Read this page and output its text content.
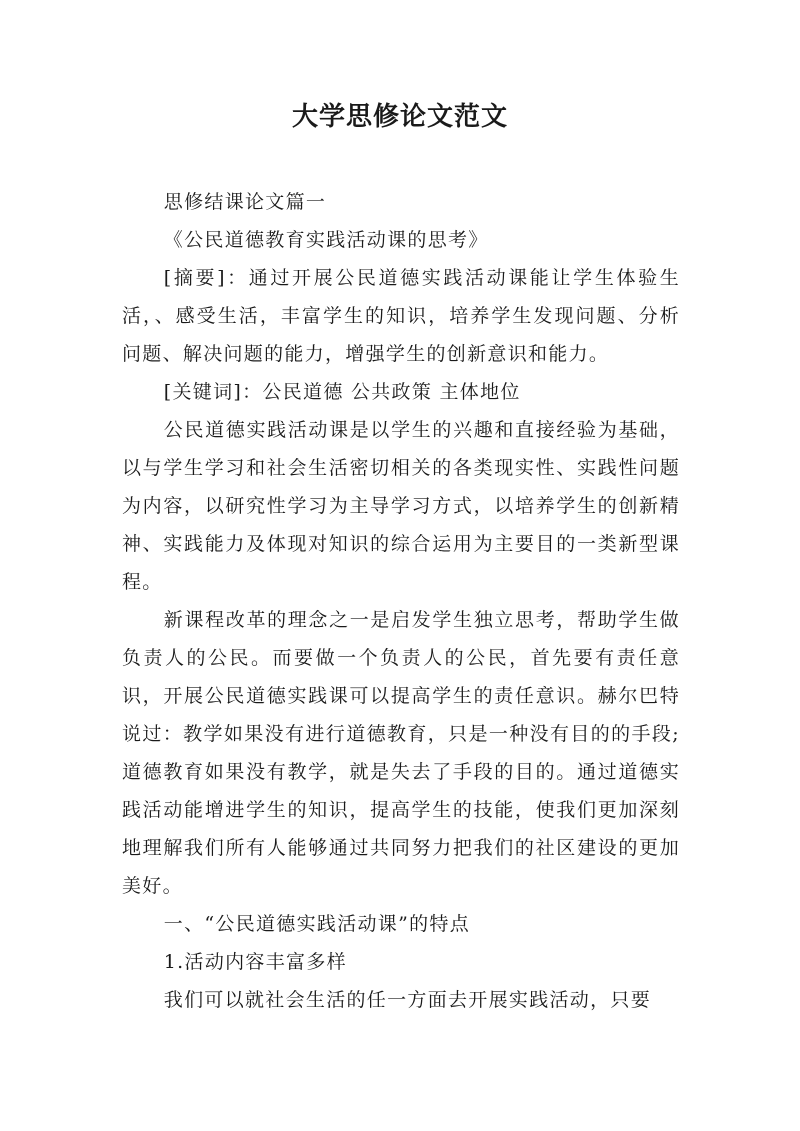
大学思修论文范文

思修结课论文篇一

《公民道德教育实践活动课的思考》

[摘要]：通过开展公民道德实践活动课能让学生体验生活，、感受生活，丰富学生的知识，培养学生发现问题、分析问题、解决问题的能力，增强学生的创新意识和能力。

[关键词]：公民道德 公共政策 主体地位

公民道德实践活动课是以学生的兴趣和直接经验为基础，以与学生学习和社会生活密切相关的各类现实性、实践性问题为内容，以研究性学习为主导学习方式，以培养学生的创新精神、实践能力及体现对知识的综合运用为主要目的一类新型课程。

新课程改革的理念之一是启发学生独立思考，帮助学生做负责人的公民。而要做一个负责人的公民，首先要有责任意识，开展公民道德实践课可以提高学生的责任意识。赫尔巴特说过：教学如果没有进行道德教育，只是一种没有目的的手段;道德教育如果没有教学，就是失去了手段的目的。通过道德实践活动能增进学生的知识，提高学生的技能，使我们更加深刻地理解我们所有人能够通过共同努力把我们的社区建设的更加美好。

一、“公民道德实践活动课”的特点

1.活动内容丰富多样

我们可以就社会生活的任一方面去开展实践活动，只要
